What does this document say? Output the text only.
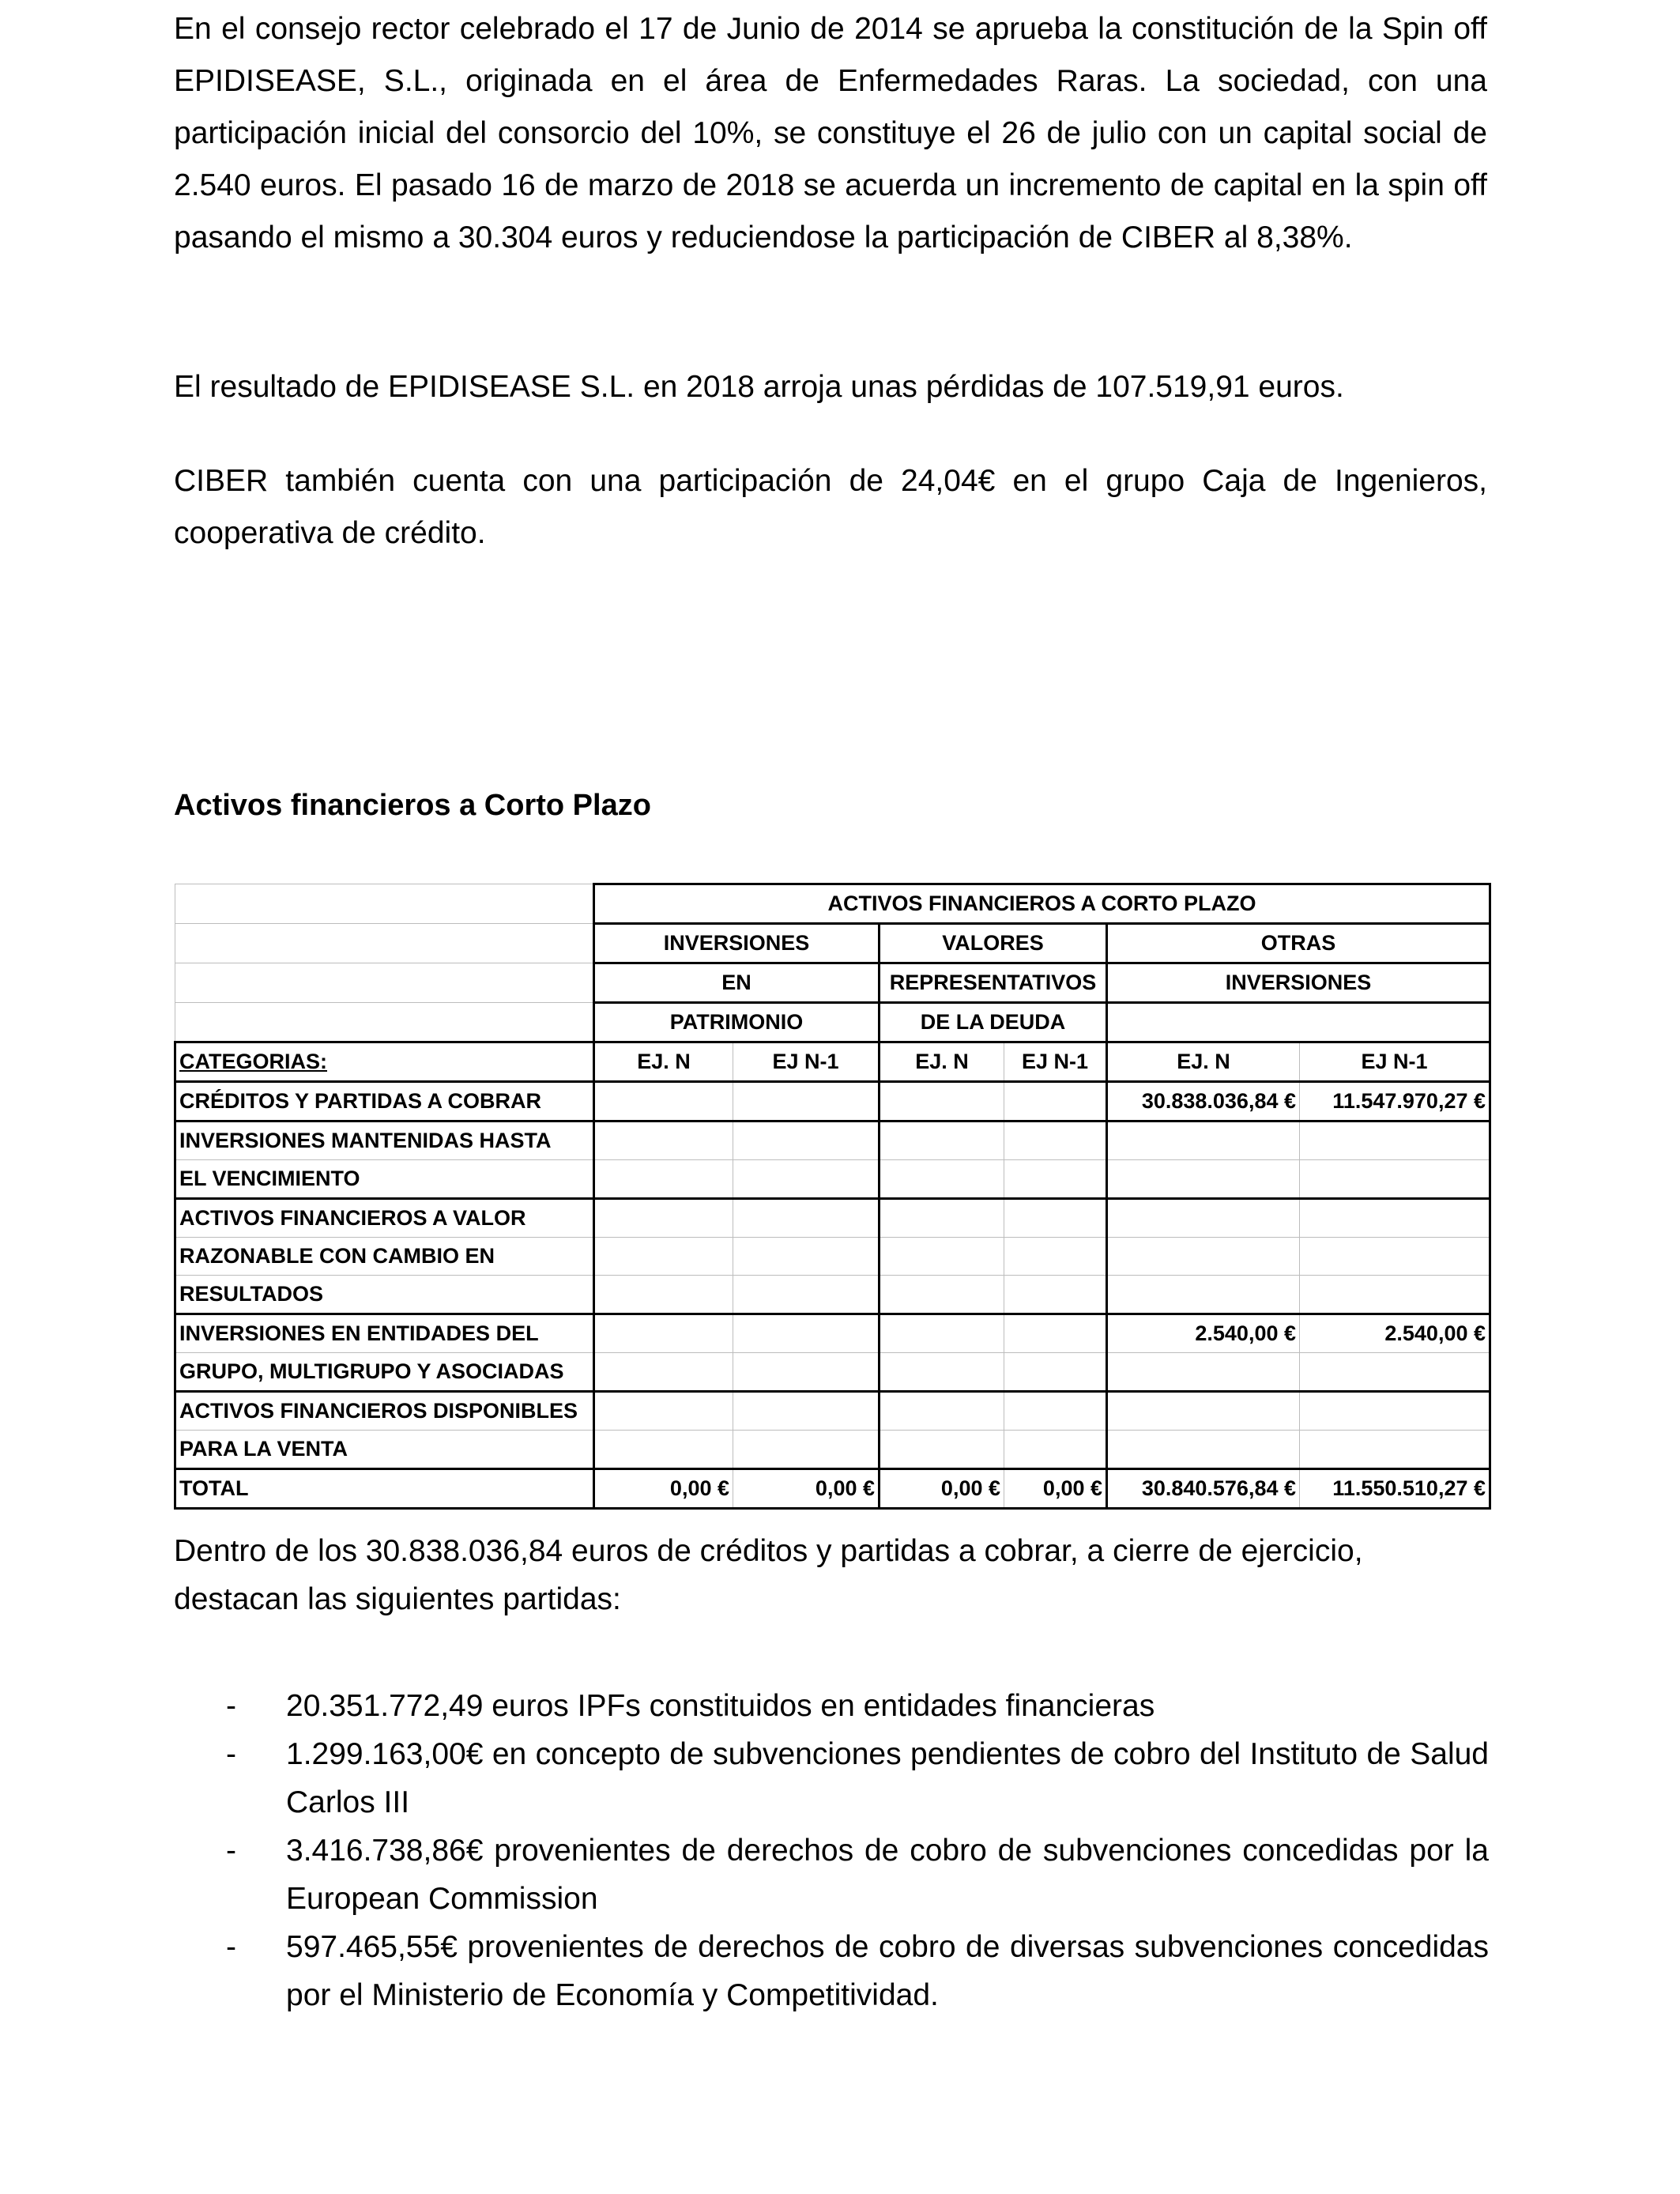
En el consejo rector celebrado el 17 de Junio de 2014 se aprueba la constitución de la Spin off EPIDISEASE, S.L., originada en el área de Enfermedades Raras. La sociedad, con una participación inicial del consorcio del 10%, se constituye el 26 de julio con un capital social de 2.540 euros. El pasado 16 de marzo de 2018 se acuerda un incremento de capital en la spin off pasando el mismo a 30.304 euros y reduciendose la participación de CIBER al 8,38%.

El resultado de EPIDISEASE S.L. en 2018 arroja unas pérdidas de 107.519,91 euros.

CIBER también cuenta con una participación de 24,04€ en el grupo Caja de Ingenieros, cooperativa de crédito.

Activos financieros a Corto Plazo
	ACTIVOS FINANCIEROS A CORTO PLAZO					
	INVERSIONES		VALORES		OTRAS	
	EN		REPRESENTATIVOS		INVERSIONES	
	PATRIMONIO		DE LA DEUDA			
CATEGORIAS:	EJ. N	EJ N-1	EJ. N	EJ N-1	EJ. N	EJ N-1
CRÉDITOS Y PARTIDAS A COBRAR					30.838.036,84 €	11.547.970,27 €
INVERSIONES MANTENIDAS HASTA						
EL VENCIMIENTO						
ACTIVOS FINANCIEROS A VALOR						
RAZONABLE CON CAMBIO EN						
RESULTADOS						
INVERSIONES EN ENTIDADES DEL					2.540,00 €	2.540,00 €
GRUPO, MULTIGRUPO Y ASOCIADAS						
ACTIVOS FINANCIEROS DISPONIBLES						
PARA LA VENTA						
TOTAL	0,00 €	0,00 €	0,00 €	0,00 €	30.840.576,84 €	11.550.510,27 €

Dentro de los 30.838.036,84 euros de créditos y partidas a cobrar, a cierre de ejercicio, destacan las siguientes partidas:

- 20.351.772,49 euros IPFs constituidos en entidades financieras
- 1.299.163,00€ en concepto de subvenciones pendientes de cobro del Instituto de Salud Carlos III
- 3.416.738,86€ provenientes de derechos de cobro de subvenciones concedidas por la European Commission
- 597.465,55€ provenientes de derechos de cobro de diversas subvenciones concedidas por el Ministerio de Economía y Competitividad.
